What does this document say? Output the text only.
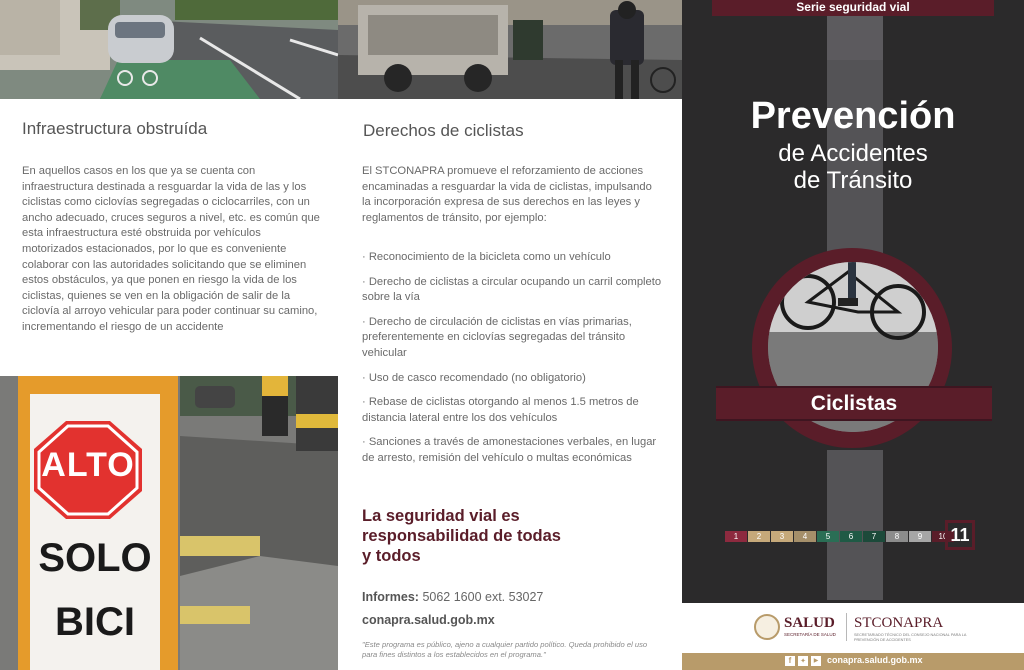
Infraestructura obstruída
En aquellos casos en los que ya se cuenta con infraestructura destinada a resguardar la vida de las y los ciclistas como ciclovías segregadas o ciclocarriles, con un ancho adecuado, cruces seguros a nivel, etc. es común que esta infraestructura esté obstruida por vehículos motorizados estacionados, por lo que es conveniente colaborar con las autoridades solicitando que se eliminen estos obstáculos, ya que ponen en riesgo la vida de los ciclistas, quienes se ven en la obligación de salir de la ciclovía al arroyo vehicular para poder continuar su camino, incrementando el riesgo de un accidente
ALTO
SOLO
BICI
Derechos de ciclistas
El STCONAPRA promueve el reforzamiento de acciones encaminadas a resguardar la vida de ciclistas, impulsando la incorporación expresa de sus derechos en las leyes y reglamentos de tránsito, por ejemplo:
· Reconocimiento de la bicicleta como un vehículo
· Derecho de ciclistas a circular ocupando un carril completo sobre la vía
· Derecho de circulación de ciclistas en vías primarias, preferentemente en ciclovías segregadas del tránsito vehicular
· Uso de casco recomendado (no obligatorio)
· Rebase de ciclistas otorgando al menos 1.5 metros de distancia lateral entre los dos vehículos
· Sanciones a través de amonestaciones verbales, en lugar de arresto, remisión del vehículo o multas económicas
La seguridad vial es responsabilidad de todas y todos
Informes: 5062 1600 ext. 53027
conapra.salud.gob.mx
"Este programa es público, ajeno a cualquier partido político. Queda prohibido el uso para fines distintos a los establecidos en el programa."
Serie seguridad vial
Prevención
de Accidentes
de Tránsito
Ciclistas
1	2	3	4	5	6	7	8	9	10 11
SALUD
SECRETARÍA DE SALUD
STCONAPRA
SECRETARIADO TÉCNICO DEL CONSEJO NACIONAL PARA LA PREVENCIÓN DE ACCIDENTES
f	✦	▶ conapra.salud.gob.mx
